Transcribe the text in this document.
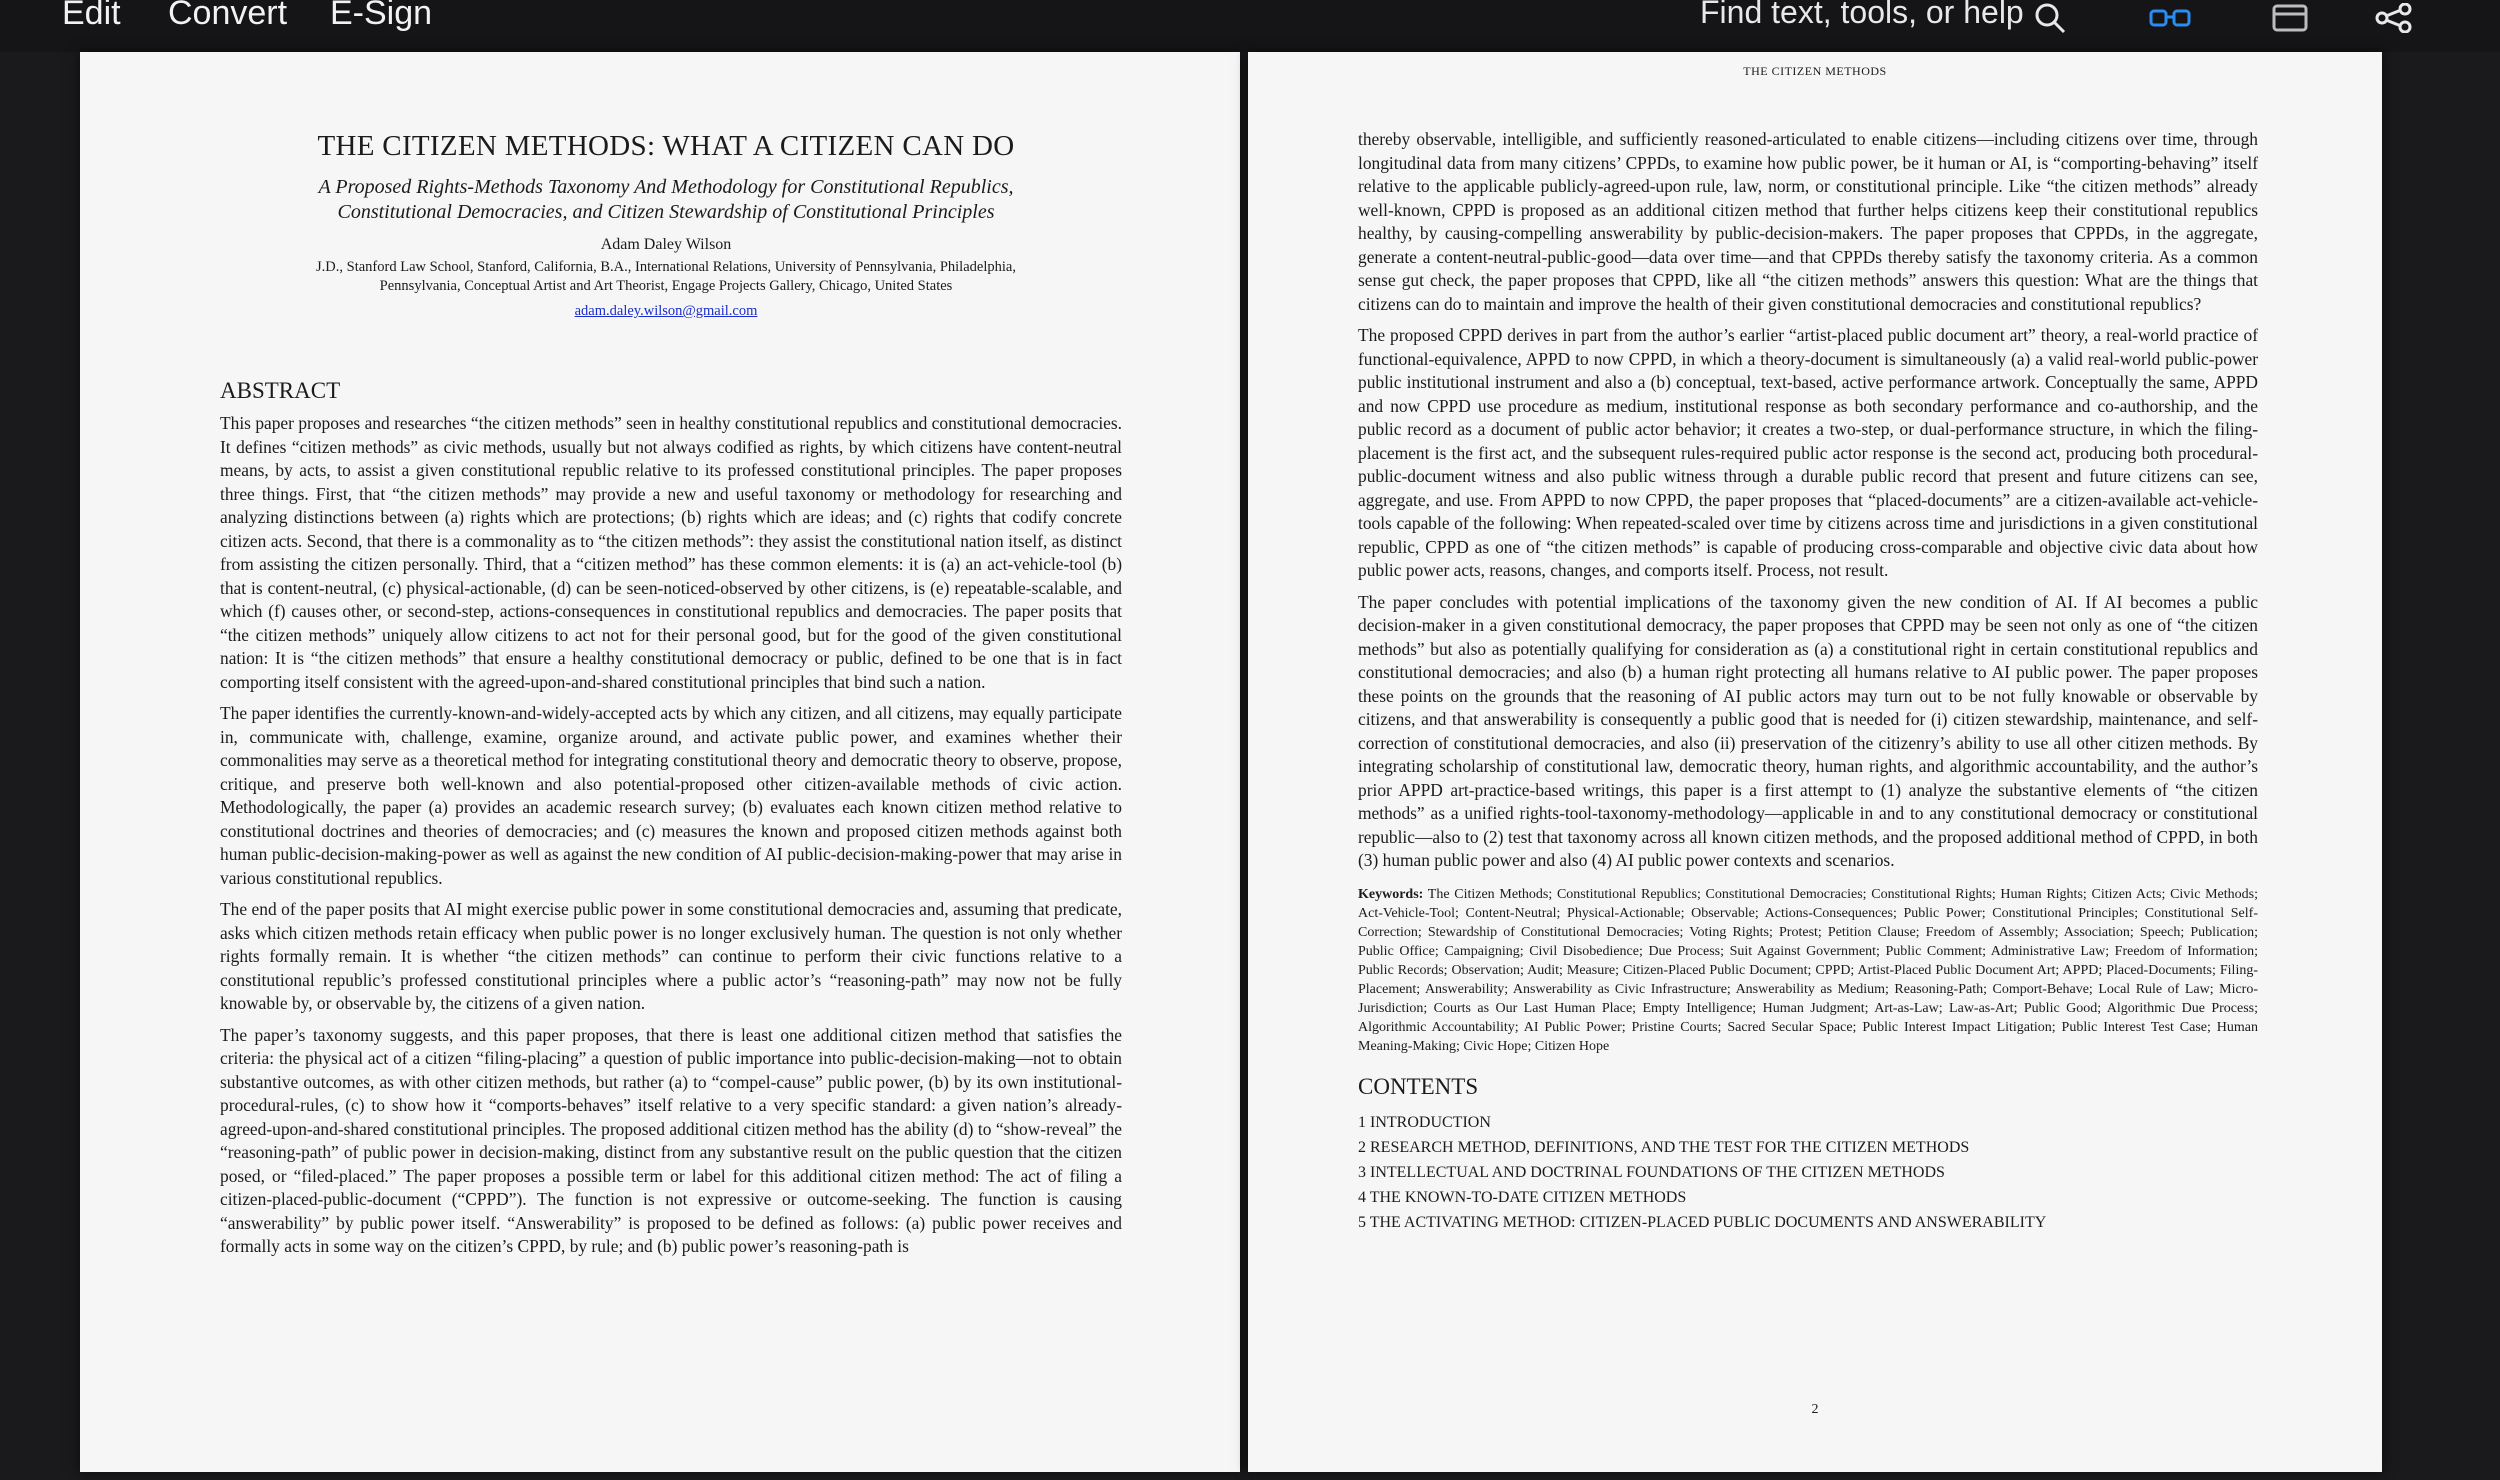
Edit Convert E-Sign	Find text, tools, or help
THE CITIZEN METHODS: WHAT A CITIZEN CAN DO
A Proposed Rights-Methods Taxonomy And Methodology for Constitutional Republics,
Constitutional Democracies, and Citizen Stewardship of Constitutional Principles
Adam Daley Wilson
J.D., Stanford Law School, Stanford, California, B.A., International Relations, University of Pennsylvania, Philadelphia,
Pennsylvania, Conceptual Artist and Art Theorist, Engage Projects Gallery, Chicago, United States
adam.daley.wilson@gmail.com
ABSTRACT

This paper proposes and researches “the citizen methods” seen in healthy constitutional republics and constitutional democracies. It defines “citizen methods” as civic methods, usually but not always codified as rights, by which citizens have content-neutral means, by acts, to assist a given constitutional republic relative to its professed constitutional principles. The paper proposes three things. First, that “the citizen methods” may provide a new and useful taxonomy or methodology for researching and analyzing distinctions between (a) rights which are protections; (b) rights which are ideas; and (c) rights that codify concrete citizen acts. Second, that there is a commonality as to “the citizen methods”: they assist the constitutional nation itself, as distinct from assisting the citizen personally. Third, that a “citizen method” has these common elements: it is (a) an act-vehicle-tool (b) that is content-neutral, (c) physical-actionable, (d) can be seen-noticed-observed by other citizens, is (e) repeatable-scalable, and which (f) causes other, or second-step, actions-consequences in constitutional republics and democracies. The paper posits that “the citizen methods” uniquely allow citizens to act not for their personal good, but for the good of the given constitutional nation: It is “the citizen methods” that ensure a healthy constitutional democracy or public, defined to be one that is in fact comporting itself consistent with the agreed-upon-and-shared constitutional principles that bind such a nation.

The paper identifies the currently-known-and-widely-accepted acts by which any citizen, and all citizens, may equally participate in, communicate with, challenge, examine, organize around, and activate public power, and examines whether their commonalities may serve as a theoretical method for integrating constitutional theory and democratic theory to observe, propose, critique, and preserve both well-known and also potential-proposed other citizen-available methods of civic action. Methodologically, the paper (a) provides an academic research survey; (b) evaluates each known citizen method relative to constitutional doctrines and theories of democracies; and (c) measures the known and proposed citizen methods against both human public-decision-making-power as well as against the new condition of AI public-decision-making-power that may arise in various constitutional republics.

The end of the paper posits that AI might exercise public power in some constitutional democracies and, assuming that predicate, asks which citizen methods retain efficacy when public power is no longer exclusively human. The question is not only whether rights formally remain. It is whether “the citizen methods” can continue to perform their civic functions relative to a constitutional republic’s professed constitutional principles where a public actor’s “reasoning-path” may now not be fully knowable by, or observable by, the citizens of a given nation.

The paper’s taxonomy suggests, and this paper proposes, that there is least one additional citizen method that satisfies the criteria: the physical act of a citizen “filing-placing” a question of public importance into public-decision-making—not to obtain substantive outcomes, as with other citizen methods, but rather (a) to “compel-cause” public power, (b) by its own institutional-procedural-rules, (c) to show how it “comports-behaves” itself relative to a very specific standard: a given nation’s already-agreed-upon-and-shared constitutional principles. The proposed additional citizen method has the ability (d) to “show-reveal” the “reasoning-path” of public power in decision-making, distinct from any substantive result on the public question that the citizen posed, or “filed-placed.” The paper proposes a possible term or label for this additional citizen method: The act of filing a citizen-placed-public-document (“CPPD”). The function is not expressive or outcome-seeking. The function is causing “answerability” by public power itself. “Answerability” is proposed to be defined as follows: (a) public power receives and formally acts in some way on the citizen’s CPPD, by rule; and (b) public power’s reasoning-path is

THE CITIZEN METHODS

thereby observable, intelligible, and sufficiently reasoned-articulated to enable citizens—including citizens over time, through longitudinal data from many citizens’ CPPDs, to examine how public power, be it human or AI, is “comporting-behaving” itself relative to the applicable publicly-agreed-upon rule, law, norm, or constitutional principle. Like “the citizen methods” already well-known, CPPD is proposed as an additional citizen method that further helps citizens keep their constitutional republics healthy, by causing-compelling answerability by public-decision-makers. The paper proposes that CPPDs, in the aggregate, generate a content-neutral-public-good—data over time—and that CPPDs thereby satisfy the taxonomy criteria. As a common sense gut check, the paper proposes that CPPD, like all “the citizen methods” answers this question: What are the things that citizens can do to maintain and improve the health of their given constitutional democracies and constitutional republics?

The proposed CPPD derives in part from the author’s earlier “artist-placed public document art” theory, a real-world practice of functional-equivalence, APPD to now CPPD, in which a theory-document is simultaneously (a) a valid real-world public-power public institutional instrument and also a (b) conceptual, text-based, active performance artwork. Conceptually the same, APPD and now CPPD use procedure as medium, institutional response as both secondary performance and co-authorship, and the public record as a document of public actor behavior; it creates a two-step, or dual-performance structure, in which the filing-placement is the first act, and the subsequent rules-required public actor response is the second act, producing both procedural-public-document witness and also public witness through a durable public record that present and future citizens can see, aggregate, and use. From APPD to now CPPD, the paper proposes that “placed-documents” are a citizen-available act-vehicle-tools capable of the following: When repeated-scaled over time by citizens across time and jurisdictions in a given constitutional republic, CPPD as one of “the citizen methods” is capable of producing cross-comparable and objective civic data about how public power acts, reasons, changes, and comports itself. Process, not result.

The paper concludes with potential implications of the taxonomy given the new condition of AI. If AI becomes a public decision-maker in a given constitutional democracy, the paper proposes that CPPD may be seen not only as one of “the citizen methods” but also as potentially qualifying for consideration as (a) a constitutional right in certain constitutional republics and constitutional democracies; and also (b) a human right protecting all humans relative to AI public power. The paper proposes these points on the grounds that the reasoning of AI public actors may turn out to be not fully knowable or observable by citizens, and that answerability is consequently a public good that is needed for (i) citizen stewardship, maintenance, and self-correction of constitutional democracies, and also (ii) preservation of the citizenry’s ability to use all other citizen methods. By integrating scholarship of constitutional law, democratic theory, human rights, and algorithmic accountability, and the author’s prior APPD art-practice-based writings, this paper is a first attempt to (1) analyze the substantive elements of “the citizen methods” as a unified rights-tool-taxonomy-methodology—applicable in and to any constitutional democracy or constitutional republic—also to (2) test that taxonomy across all known citizen methods, and the proposed additional method of CPPD, in both (3) human public power and also (4) AI public power contexts and scenarios.

Keywords: The Citizen Methods; Constitutional Republics; Constitutional Democracies; Constitutional Rights; Human Rights; Citizen Acts; Civic Methods; Act-Vehicle-Tool; Content-Neutral; Physical-Actionable; Observable; Actions-Consequences; Public Power; Constitutional Principles; Constitutional Self-Correction; Stewardship of Constitutional Democracies; Voting Rights; Protest; Petition Clause; Freedom of Assembly; Association; Speech; Publication; Public Office; Campaigning; Civil Disobedience; Due Process; Suit Against Government; Public Comment; Administrative Law; Freedom of Information; Public Records; Observation; Audit; Measure; Citizen-Placed Public Document; CPPD; Artist-Placed Public Document Art; APPD; Placed-Documents; Filing-Placement; Answerability; Answerability as Civic Infrastructure; Answerability as Medium; Reasoning-Path; Comport-Behave; Local Rule of Law; Micro-Jurisdiction; Courts as Our Last Human Place; Empty Intelligence; Human Judgment; Art-as-Law; Law-as-Art; Public Good; Algorithmic Due Process; Algorithmic Accountability; AI Public Power; Pristine Courts; Sacred Secular Space; Public Interest Impact Litigation; Public Interest Test Case; Human Meaning-Making; Civic Hope; Citizen Hope

CONTENTS
1 INTRODUCTION
2 RESEARCH METHOD, DEFINITIONS, AND THE TEST FOR THE CITIZEN METHODS
3 INTELLECTUAL AND DOCTRINAL FOUNDATIONS OF THE CITIZEN METHODS
4 THE KNOWN-TO-DATE CITIZEN METHODS
5 THE ACTIVATING METHOD: CITIZEN-PLACED PUBLIC DOCUMENTS AND ANSWERABILITY
2
